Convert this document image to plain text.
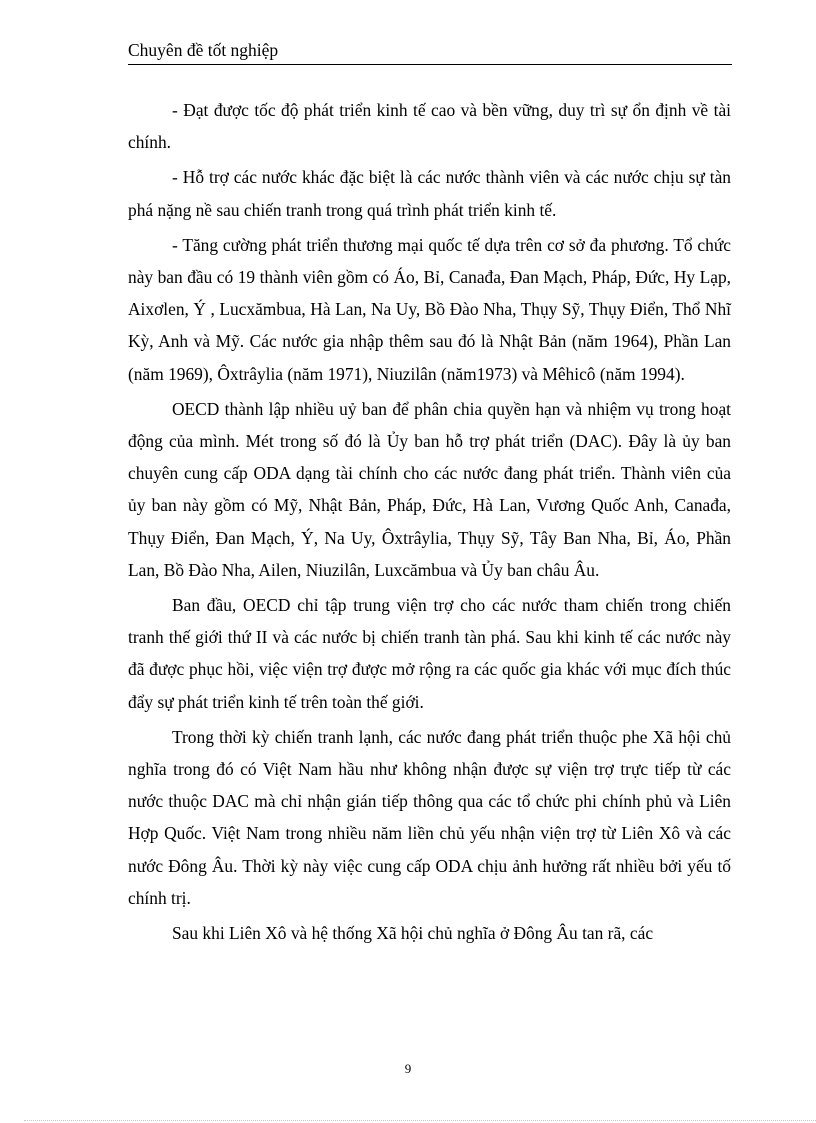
Chuyên đề tốt nghiệp

- Đạt được tốc độ phát triển kinh tế cao và bền vững, duy trì sự ổn định về tài chính.

- Hỗ trợ các nước khác đặc biệt là các nước thành viên và các nước chịu sự tàn phá nặng nề sau chiến tranh trong quá trình phát triển kinh tế.

- Tăng cường phát triển thương mại quốc tế dựa trên cơ sở đa phương. Tổ chức này ban đầu có 19 thành viên gồm có Áo, Bỉ, Canađa, Đan Mạch, Pháp, Đức, Hy Lạp, Aixơlen, Ý , Lucxămbua, Hà Lan, Na Uy, Bồ Đào Nha, Thụy Sỹ, Thụy Điển, Thổ Nhĩ Kỳ, Anh và Mỹ. Các nước gia nhập thêm sau đó là Nhật Bản (năm 1964), Phần Lan (năm 1969), Ôxtrâylia (năm 1971), Niuzilân (năm1973) và Mêhicô (năm 1994).

OECD thành lập nhiều uỷ ban để phân chia quyền hạn và nhiệm vụ trong hoạt động của mình. Mét trong số đó là Ủy ban hỗ trợ phát triển (DAC). Đây là ủy ban chuyên cung cấp ODA dạng tài chính cho các nước đang phát triển. Thành viên của ủy ban này gồm có Mỹ, Nhật Bản, Pháp, Đức, Hà Lan, Vương Quốc Anh, Canađa, Thụy Điển, Đan Mạch, Ý, Na Uy, Ôxtrâylia, Thụy Sỹ, Tây Ban Nha, Bỉ, Áo, Phần Lan, Bồ Đào Nha, Ailen, Niuzilân, Luxcămbua và Ủy ban châu Âu.

Ban đầu, OECD chỉ tập trung viện trợ cho các nước tham chiến trong chiến tranh thế giới thứ II và các nước bị chiến tranh tàn phá. Sau khi kinh tế các nước này đã được phục hồi, việc viện trợ được mở rộng ra các quốc gia khác với mục đích thúc đẩy sự phát triển kinh tế trên toàn thế giới.

Trong thời kỳ chiến tranh lạnh, các nước đang phát triển thuộc phe Xã hội chủ nghĩa trong đó có Việt Nam hầu như không nhận được sự viện trợ trực tiếp từ các nước thuộc DAC mà chỉ nhận gián tiếp thông qua các tổ chức phi chính phủ và Liên Hợp Quốc. Việt Nam trong nhiều năm liền chủ yếu nhận viện trợ từ Liên Xô và các nước Đông Âu. Thời kỳ này việc cung cấp ODA chịu ảnh hưởng rất nhiều bởi yếu tố chính trị.

Sau khi Liên Xô và hệ thống Xã hội chủ nghĩa ở Đông Âu tan rã, các

9
